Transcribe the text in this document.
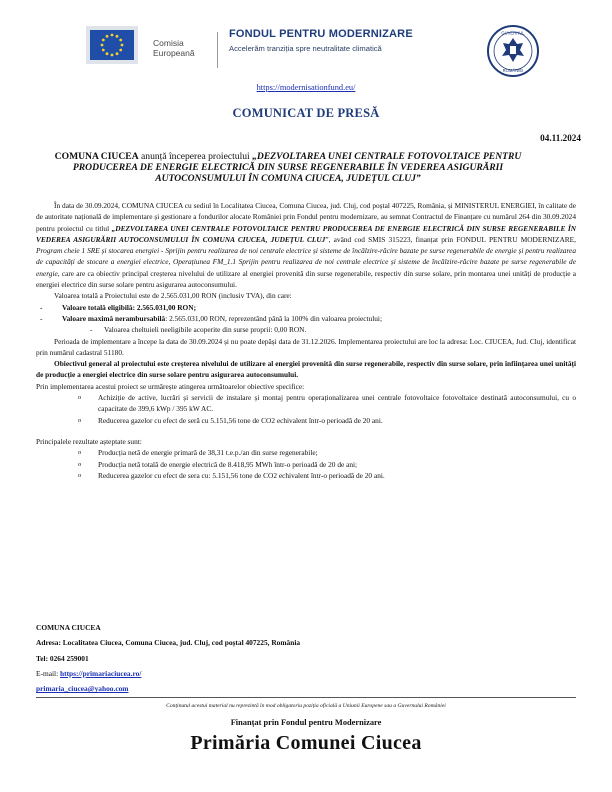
Comisia
Europeană
FONDUL PENTRU MODERNIZARE
Accelerăm tranziția spre neutralitate climatică
GUVERNUL
ROMÂNIEI
https://modernisationfund.eu/
COMUNICAT DE PRESĂ
04.11.2024
COMUNA CIUCEA anunță începerea proiectului „DEZVOLTAREA UNEI CENTRALE FOTOVOLTAICE PENTRU PRODUCEREA DE ENERGIE ELECTRICĂ DIN SURSE REGENERABILE ÎN VEDEREA ASIGURĂRII AUTOCONSUMULUI ÎN COMUNA CIUCEA, JUDEȚUL CLUJ”

În data de 30.09.2024, COMUNA CIUCEA cu sediul în Localitatea Ciucea, Comuna Ciucea, jud. Cluj, cod poștal 407225, România, și MINISTERUL ENERGIEI, în calitate de de autoritate națională de implementare și gestionare a fondurilor alocate României prin Fondul pentru modernizare, au semnat Contractul de Finanțare cu numărul 264 din 30.09.2024 pentru proiectul cu titlul „DEZVOLTAREA UNEI CENTRALE FOTOVOLTAICE PENTRU PRODUCEREA DE ENERGIE ELECTRICĂ DIN SURSE REGENERABILE ÎN VEDEREA ASIGURĂRII AUTOCONSUMULUI ÎN COMUNA CIUCEA, JUDEȚUL CLUJ”, având cod SMIS 315223, finanțat prin FONDUL PENTRU MODERNIZARE, Program cheie 1 SRE și stocarea energiei - Sprijin pentru realizarea de noi centrale electrice și sisteme de încălzire-răcire bazate pe surse regenerabile de energie și pentru realizarea de capacități de stocare a energiei electrice, Operațiunea FM_1.1 Sprijin pentru realizarea de noi centrale electrice și sisteme de încălzire-răcire bazate pe surse regenerabile de energie, care are ca obiectiv principal creșterea nivelului de utilizare al energiei provenită din surse regenerabile, respectiv din surse solare, prin montarea unei unități de producție a energiei electrice din surse solare pentru asigurarea autoconsumului.

Valoarea totală a Proiectului este de 2.565.031,00 RON (inclusiv TVA), din care:

- Valoare totală eligibilă: 2.565.031,00 RON;

- Valoare maximă nerambursabilă: 2.565.031,00 RON, reprezentând până la 100% din valoarea proiectului;

- Valoarea cheltuieli neeligibile acoperite din surse proprii: 0,00 RON.

Perioada de implementare a începe la data de 30.09.2024 și nu poate depăși data de 31.12.2026. Implementarea proiectului are loc la adresa: Loc. CIUCEA, Jud. Cluj, identificat prin numărul cadastral 51180.

Obiectivul general al proiectului este creșterea nivelului de utilizare al energiei provenită din surse regenerabile, respectiv din surse solare, prin înființarea unei unități de producție a energiei electrice din surse solare pentru asigurarea autoconsumului.

Prin implementarea acestui proiect se urmărește atingerea următoarelor obiective specifice:

o Achiziție de active, lucrări și servicii de instalare și montaj pentru operaționalizarea unei centrale fotovoltaice fotovoltaice destinată autoconsumului, cu o capacitate de 399,6 kWp / 395 kW AC.

o Reducerea gazelor cu efect de seră cu 5.151,56 tone de CO2 echivalent într-o perioadă de 20 ani.

Principalele rezultate așteptate sunt:

o Producția netă de energie primară de 38,31 t.e.p./an din surse regenerabile;

o Producția netă totală de energie electrică de 8.418,95 MWh într-o perioadă de 20 de ani;

o Reducerea gazelor cu efect de sera cu: 5.151,56 tone de CO2 echivalent într-o perioadă de 20 ani.

COMUNA CIUCEA
Adresa: Localitatea Ciucea, Comuna Ciucea, jud. Cluj, cod poștal 407225, România
Tel: 0264 259001
E-mail: https://primariaciucea.ro/
primaria_ciucea@yahoo.com
Conținutul acestui material nu reprezintă în mod obligatoriu poziția oficială a Uniunii Europene sau a Guvernului României
Finanțat prin Fondul pentru Modernizare
Primăria Comunei Ciucea
